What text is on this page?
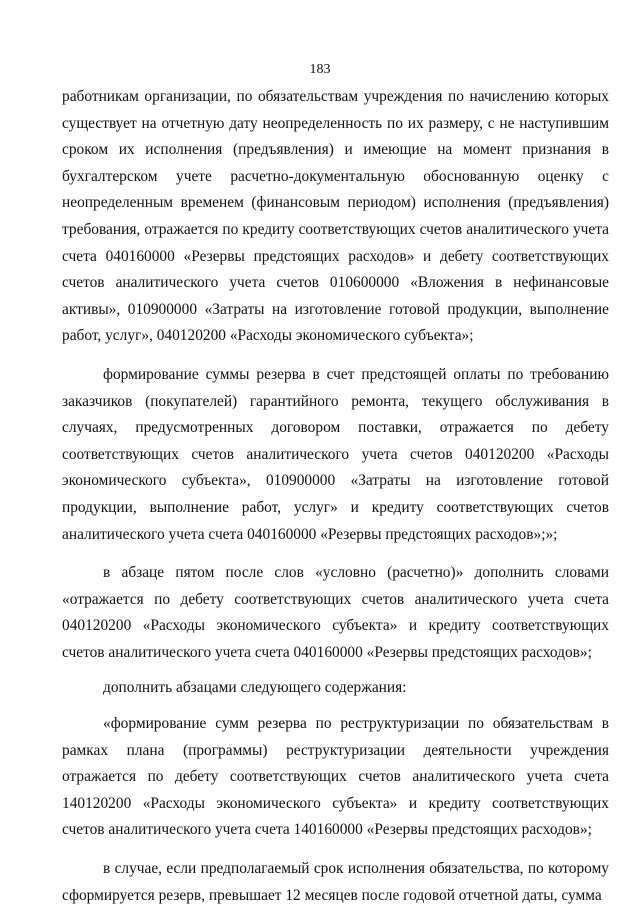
183

работникам организации, по обязательствам учреждения по начислению которых существует на отчетную дату неопределенность по их размеру, с не наступившим сроком их исполнения (предъявления) и имеющие на момент признания в бухгалтерском учете расчетно-документальную обоснованную оценку с неопределенным временем (финансовым периодом) исполнения (предъявления) требования, отражается по кредиту соответствующих счетов аналитического учета счета 040160000 «Резервы предстоящих расходов» и дебету соответствующих счетов аналитического учета счетов 010600000 «Вложения в нефинансовые активы», 010900000 «Затраты на изготовление готовой продукции, выполнение работ, услуг», 040120200 «Расходы экономического субъекта»;

формирование суммы резерва в счет предстоящей оплаты по требованию заказчиков (покупателей) гарантийного ремонта, текущего обслуживания в случаях, предусмотренных договором поставки, отражается по дебету соответствующих счетов аналитического учета счетов 040120200 «Расходы экономического субъекта», 010900000 «Затраты на изготовление готовой продукции, выполнение работ, услуг» и кредиту соответствующих счетов аналитического учета счета 040160000 «Резервы предстоящих расходов»;»;

в абзаце пятом после слов «условно (расчетно)» дополнить словами «отражается по дебету соответствующих счетов аналитического учета счета 040120200 «Расходы экономического субъекта» и кредиту соответствующих счетов аналитического учета счета 040160000 «Резервы предстоящих расходов»;

дополнить абзацами следующего содержания:

«формирование сумм резерва по реструктуризации по обязательствам в рамках плана (программы) реструктуризации деятельности учреждения отражается по дебету соответствующих счетов аналитического учета счета 140120200 «Расходы экономического субъекта» и кредиту соответствующих счетов аналитического учета счета 140160000 «Резервы предстоящих расходов»;

в случае, если предполагаемый срок исполнения обязательства, по которому сформируется резерв, превышает 12 месяцев после годовой отчетной даты, сумма
